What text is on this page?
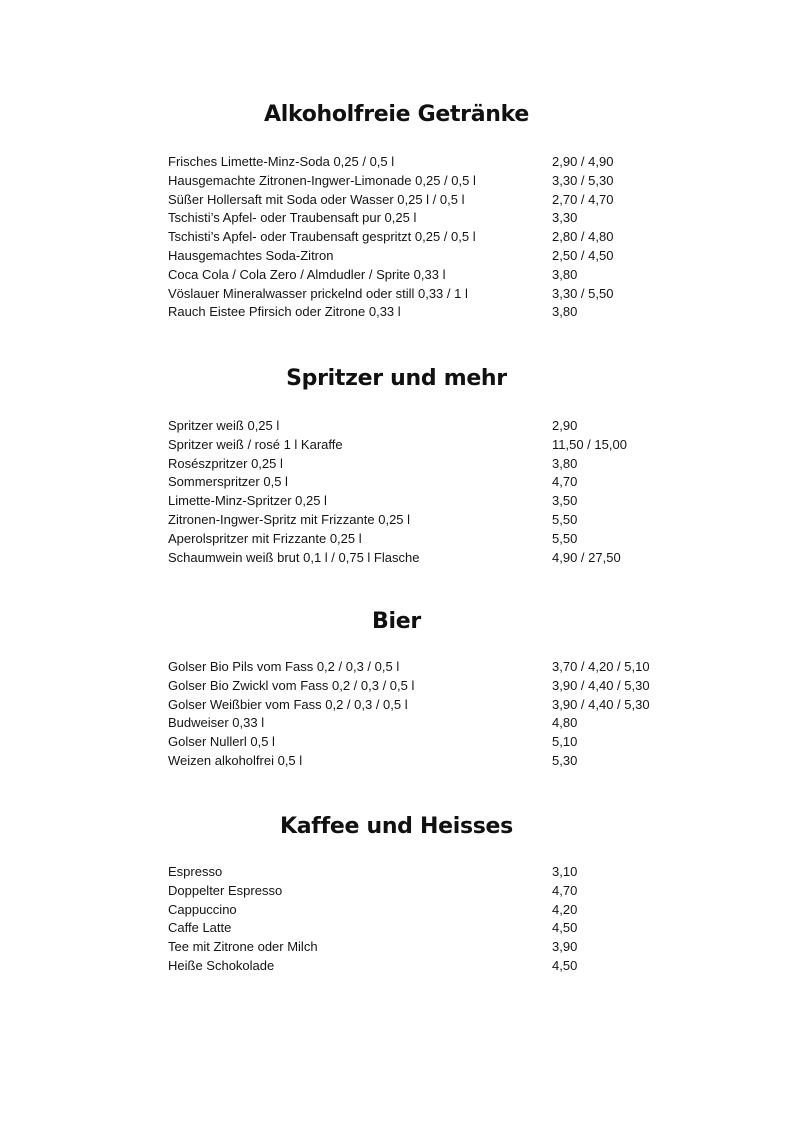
Alkoholfreie Getränke
Frisches Limette-Minz-Soda 0,25 / 0,5 l	2,90 / 4,90
Hausgemachte Zitronen-Ingwer-Limonade 0,25 / 0,5 l	3,30 / 5,30
Süßer Hollersaft mit Soda oder Wasser 0,25 l / 0,5 l	2,70 / 4,70
Tschisti’s Apfel- oder Traubensaft pur 0,25 l	3,30
Tschisti’s Apfel- oder Traubensaft gespritzt 0,25 / 0,5 l	2,80 / 4,80
Hausgemachtes Soda-Zitron	2,50 / 4,50
Coca Cola / Cola Zero / Almdudler / Sprite 0,33 l	3,80
Vöslauer Mineralwasser prickelnd oder still 0,33 / 1 l	3,30 / 5,50
Rauch Eistee Pfirsich oder Zitrone 0,33 l	3,80
Spritzer und mehr
Spritzer weiß 0,25 l	2,90
Spritzer weiß / rosé 1 l Karaffe	11,50 / 15,00
Rosészpritzer 0,25 l	3,80
Sommerspritzer 0,5 l	4,70
Limette-Minz-Spritzer 0,25 l	3,50
Zitronen-Ingwer-Spritz mit Frizzante 0,25 l	5,50
Aperolspritzer mit Frizzante 0,25 l	5,50
Schaumwein weiß brut 0,1 l / 0,75 l Flasche	4,90 / 27,50
Bier
Golser Bio Pils vom Fass 0,2 / 0,3 / 0,5 l	3,70 / 4,20 / 5,10
Golser Bio Zwickl vom Fass 0,2 / 0,3 / 0,5 l	3,90 / 4,40 / 5,30
Golser Weißbier vom Fass 0,2 / 0,3 / 0,5 l	3,90 / 4,40 / 5,30
Budweiser 0,33 l	4,80
Golser Nullerl 0,5 l	5,10
Weizen alkoholfrei 0,5 l	5,30
Kaffee und Heisses
Espresso	3,10
Doppelter Espresso	4,70
Cappuccino	4,20
Caffe Latte	4,50
Tee mit Zitrone oder Milch	3,90
Heiße Schokolade	4,50
